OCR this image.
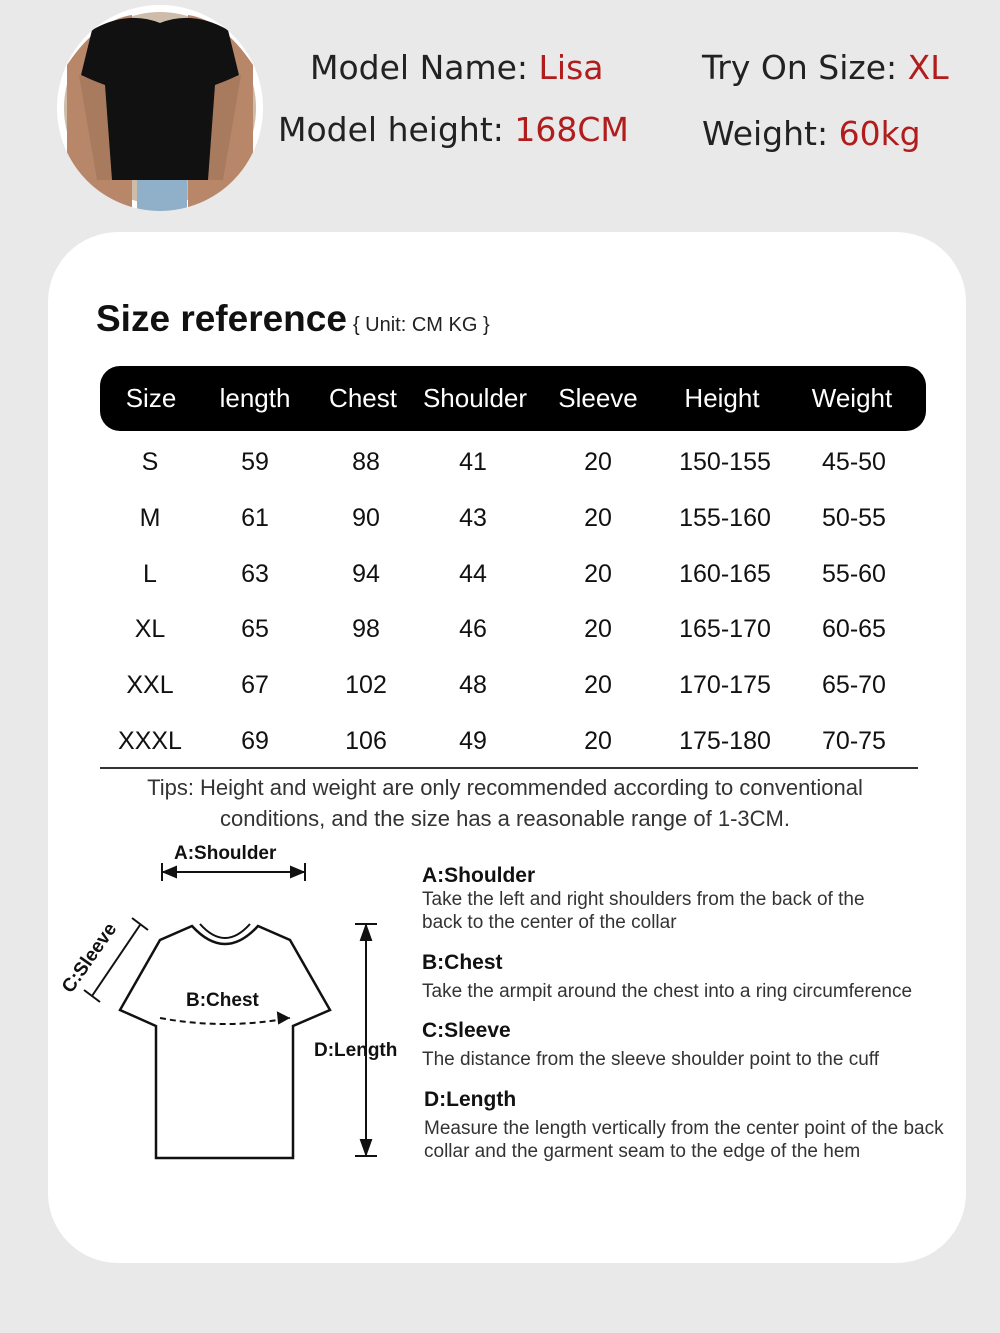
Model Name: Lisa
Model height: 168CM
Try On Size: XL
Weight: 60kg
Size reference { Unit: CM KG }
Size length Chest Shoulder Sleeve Height Weight
S	59	88	41	20	150-155 45-50
M	61	90	43	20	155-160 50-55
L	63	94	44	20	160-165 55-60
XL	65	98	46	20	165-170 60-65
XXL	67	102	48	20	170-175 65-70
XXXL 69	106	49	20	175-180 70-75
Tips: Height and weight are only recommended according to conventional conditions, and the size has a reasonable range of 1-3CM.
A:Shoulder
C:Sleeve
B:Chest
D:Length
A:Shoulder
Take the left and right shoulders from the back of the back to the center of the collar
B:Chest
Take the armpit around the chest into a ring circumference
C:Sleeve
The distance from the sleeve shoulder point to the cuff
D:Length
Measure the length vertically from the center point of the back collar and the garment seam to the edge of the hem
